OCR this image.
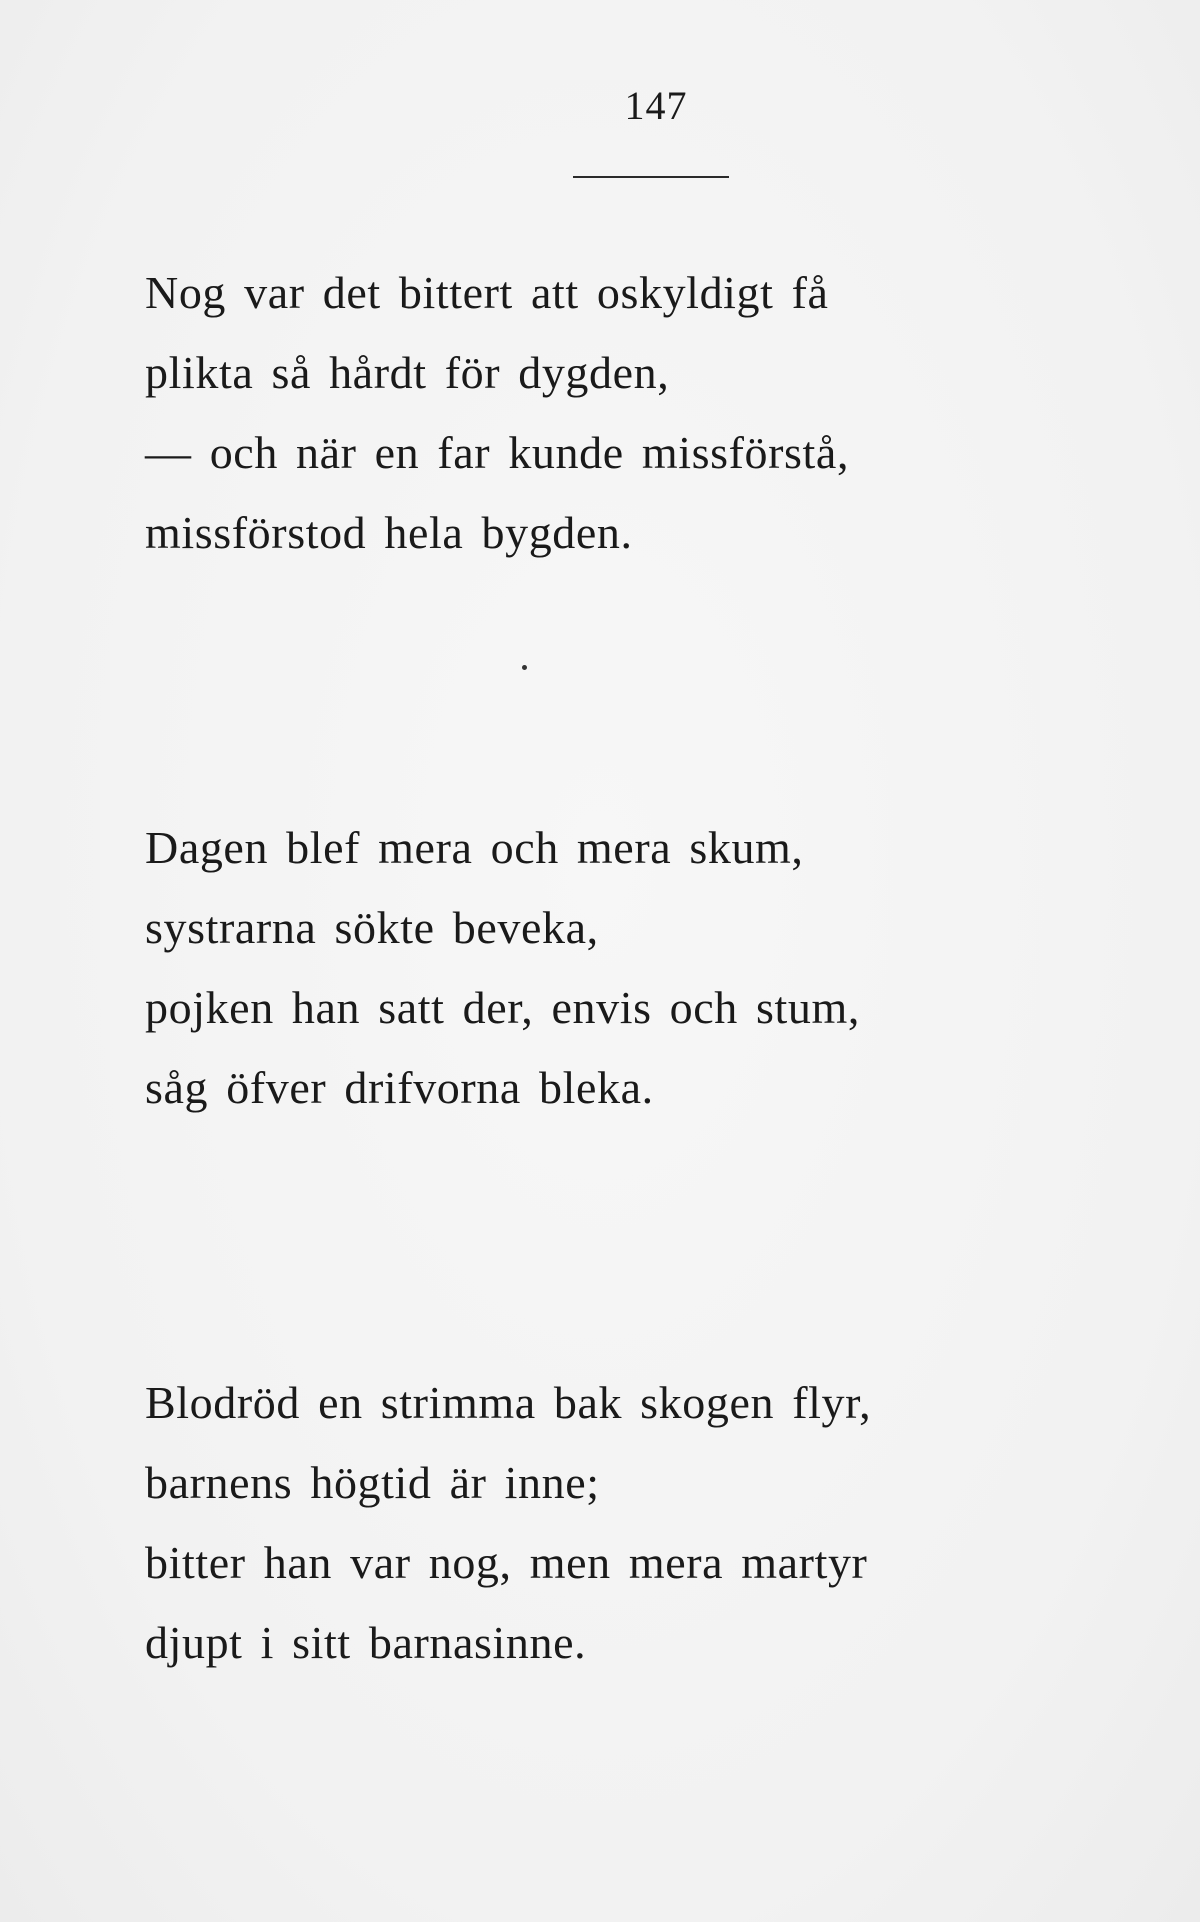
147
Nog var det bittert att oskyldigt få
plikta så hårdt för dygden,
— och när en far kunde missförstå,
missförstod hela bygden.
Dagen blef mera och mera skum,
systrarna sökte beveka,
pojken han satt der, envis och stum,
såg öfver drifvorna bleka.
Blodröd en strimma bak skogen flyr,
barnens högtid är inne;
bitter han var nog, men mera martyr
djupt i sitt barnasinne.
